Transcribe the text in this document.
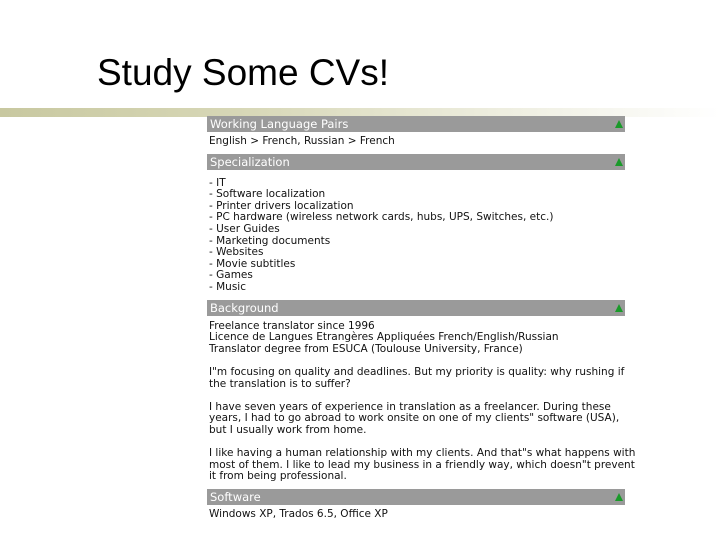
Study Some CVs!
Working Language Pairs
English > French, Russian > French
Specialization
- IT
- Software localization
- Printer drivers localization
- PC hardware (wireless network cards, hubs, UPS, Switches, etc.)
- User Guides
- Marketing documents
- Websites
- Movie subtitles
- Games
- Music
Background
Freelance translator since 1996
Licence de Langues Etrangères Appliquées French/English/Russian
Translator degree from ESUCA (Toulouse University, France)
I"m focusing on quality and deadlines. But my priority is quality: why rushing if
the translation is to suffer?
I have seven years of experience in translation as a freelancer. During these
years, I had to go abroad to work onsite on one of my clients" software (USA),
but I usually work from home.
I like having a human relationship with my clients. And that"s what happens with
most of them. I like to lead my business in a friendly way, which doesn"t prevent
it from being professional.
Software
Windows XP, Trados 6.5, Office XP
